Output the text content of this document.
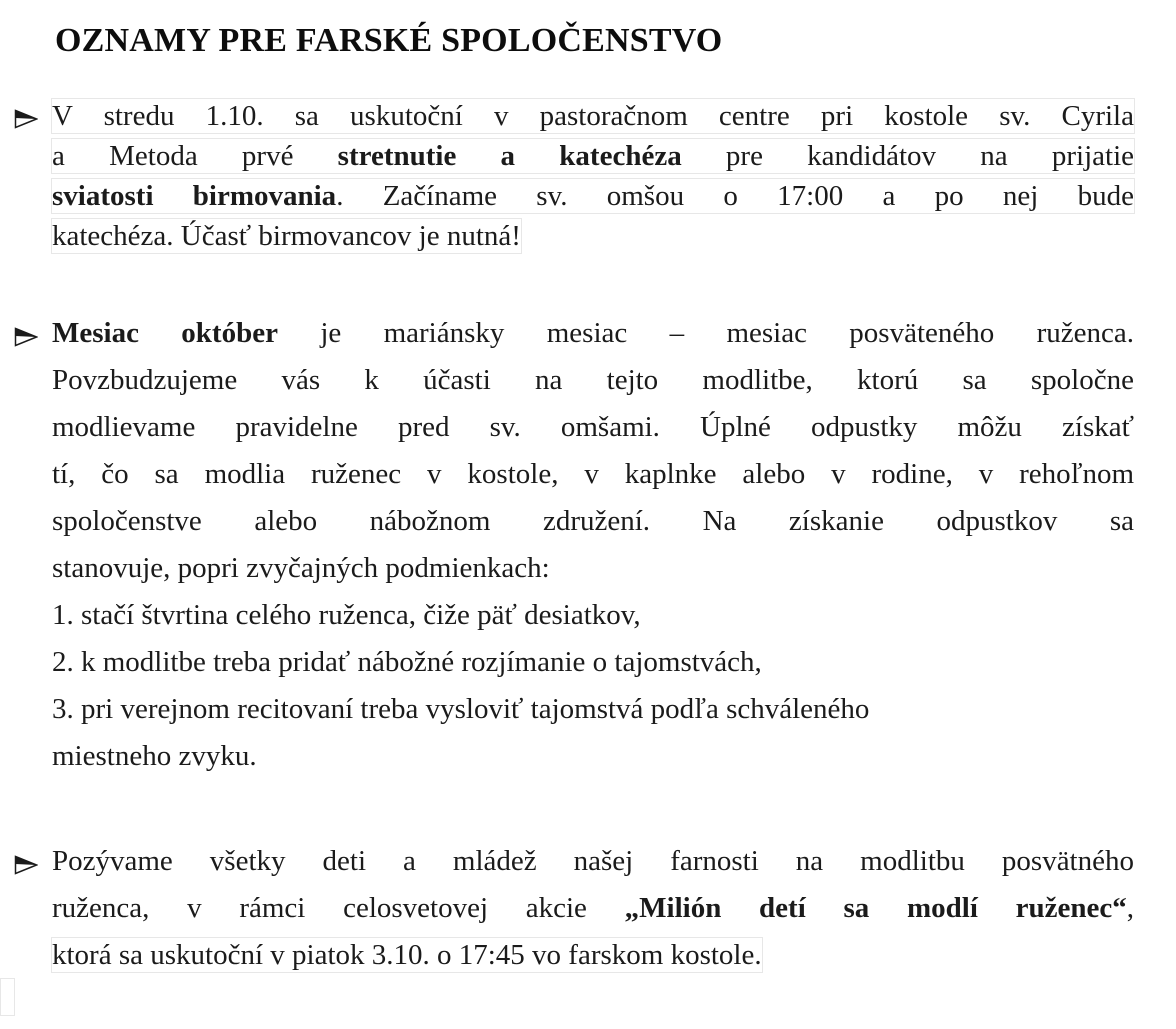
OZNAMY PRE FARSKÉ SPOLOČENSTVO
V stredu 1.10. sa uskutoční v pastoračnom centre pri kostole sv. Cyrila
a Metoda prvé stretnutie a katechéza pre kandidátov na prijatie
sviatosti birmovania. Začíname sv. omšou o 17:00 a po nej bude
katechéza. Účasť birmovancov je nutná!
Mesiac október je mariánsky mesiac – mesiac posväteného ruženca.
Povzbudzujeme vás k účasti na tejto modlitbe, ktorú sa spoločne
modlievame pravidelne pred sv. omšami. Úplné odpustky môžu získať
tí, čo sa modlia ruženec v kostole, v kaplnke alebo v rodine, v rehoľnom
spoločenstve alebo nábožnom združení. Na získanie odpustkov sa
stanovuje, popri zvyčajných podmienkach:
1. stačí štvrtina celého ruženca, čiže päť desiatkov,
2. k modlitbe treba pridať nábožné rozjímanie o tajomstvách,
3. pri verejnom recitovaní treba vysloviť tajomstvá podľa schváleného
miestneho zvyku.
Pozývame všetky deti a mládež našej farnosti na modlitbu posvätného
ruženca, v rámci celosvetovej akcie „Milión detí sa modlí ruženec“,
ktorá sa uskutoční v piatok 3.10. o 17:45 vo farskom kostole.
